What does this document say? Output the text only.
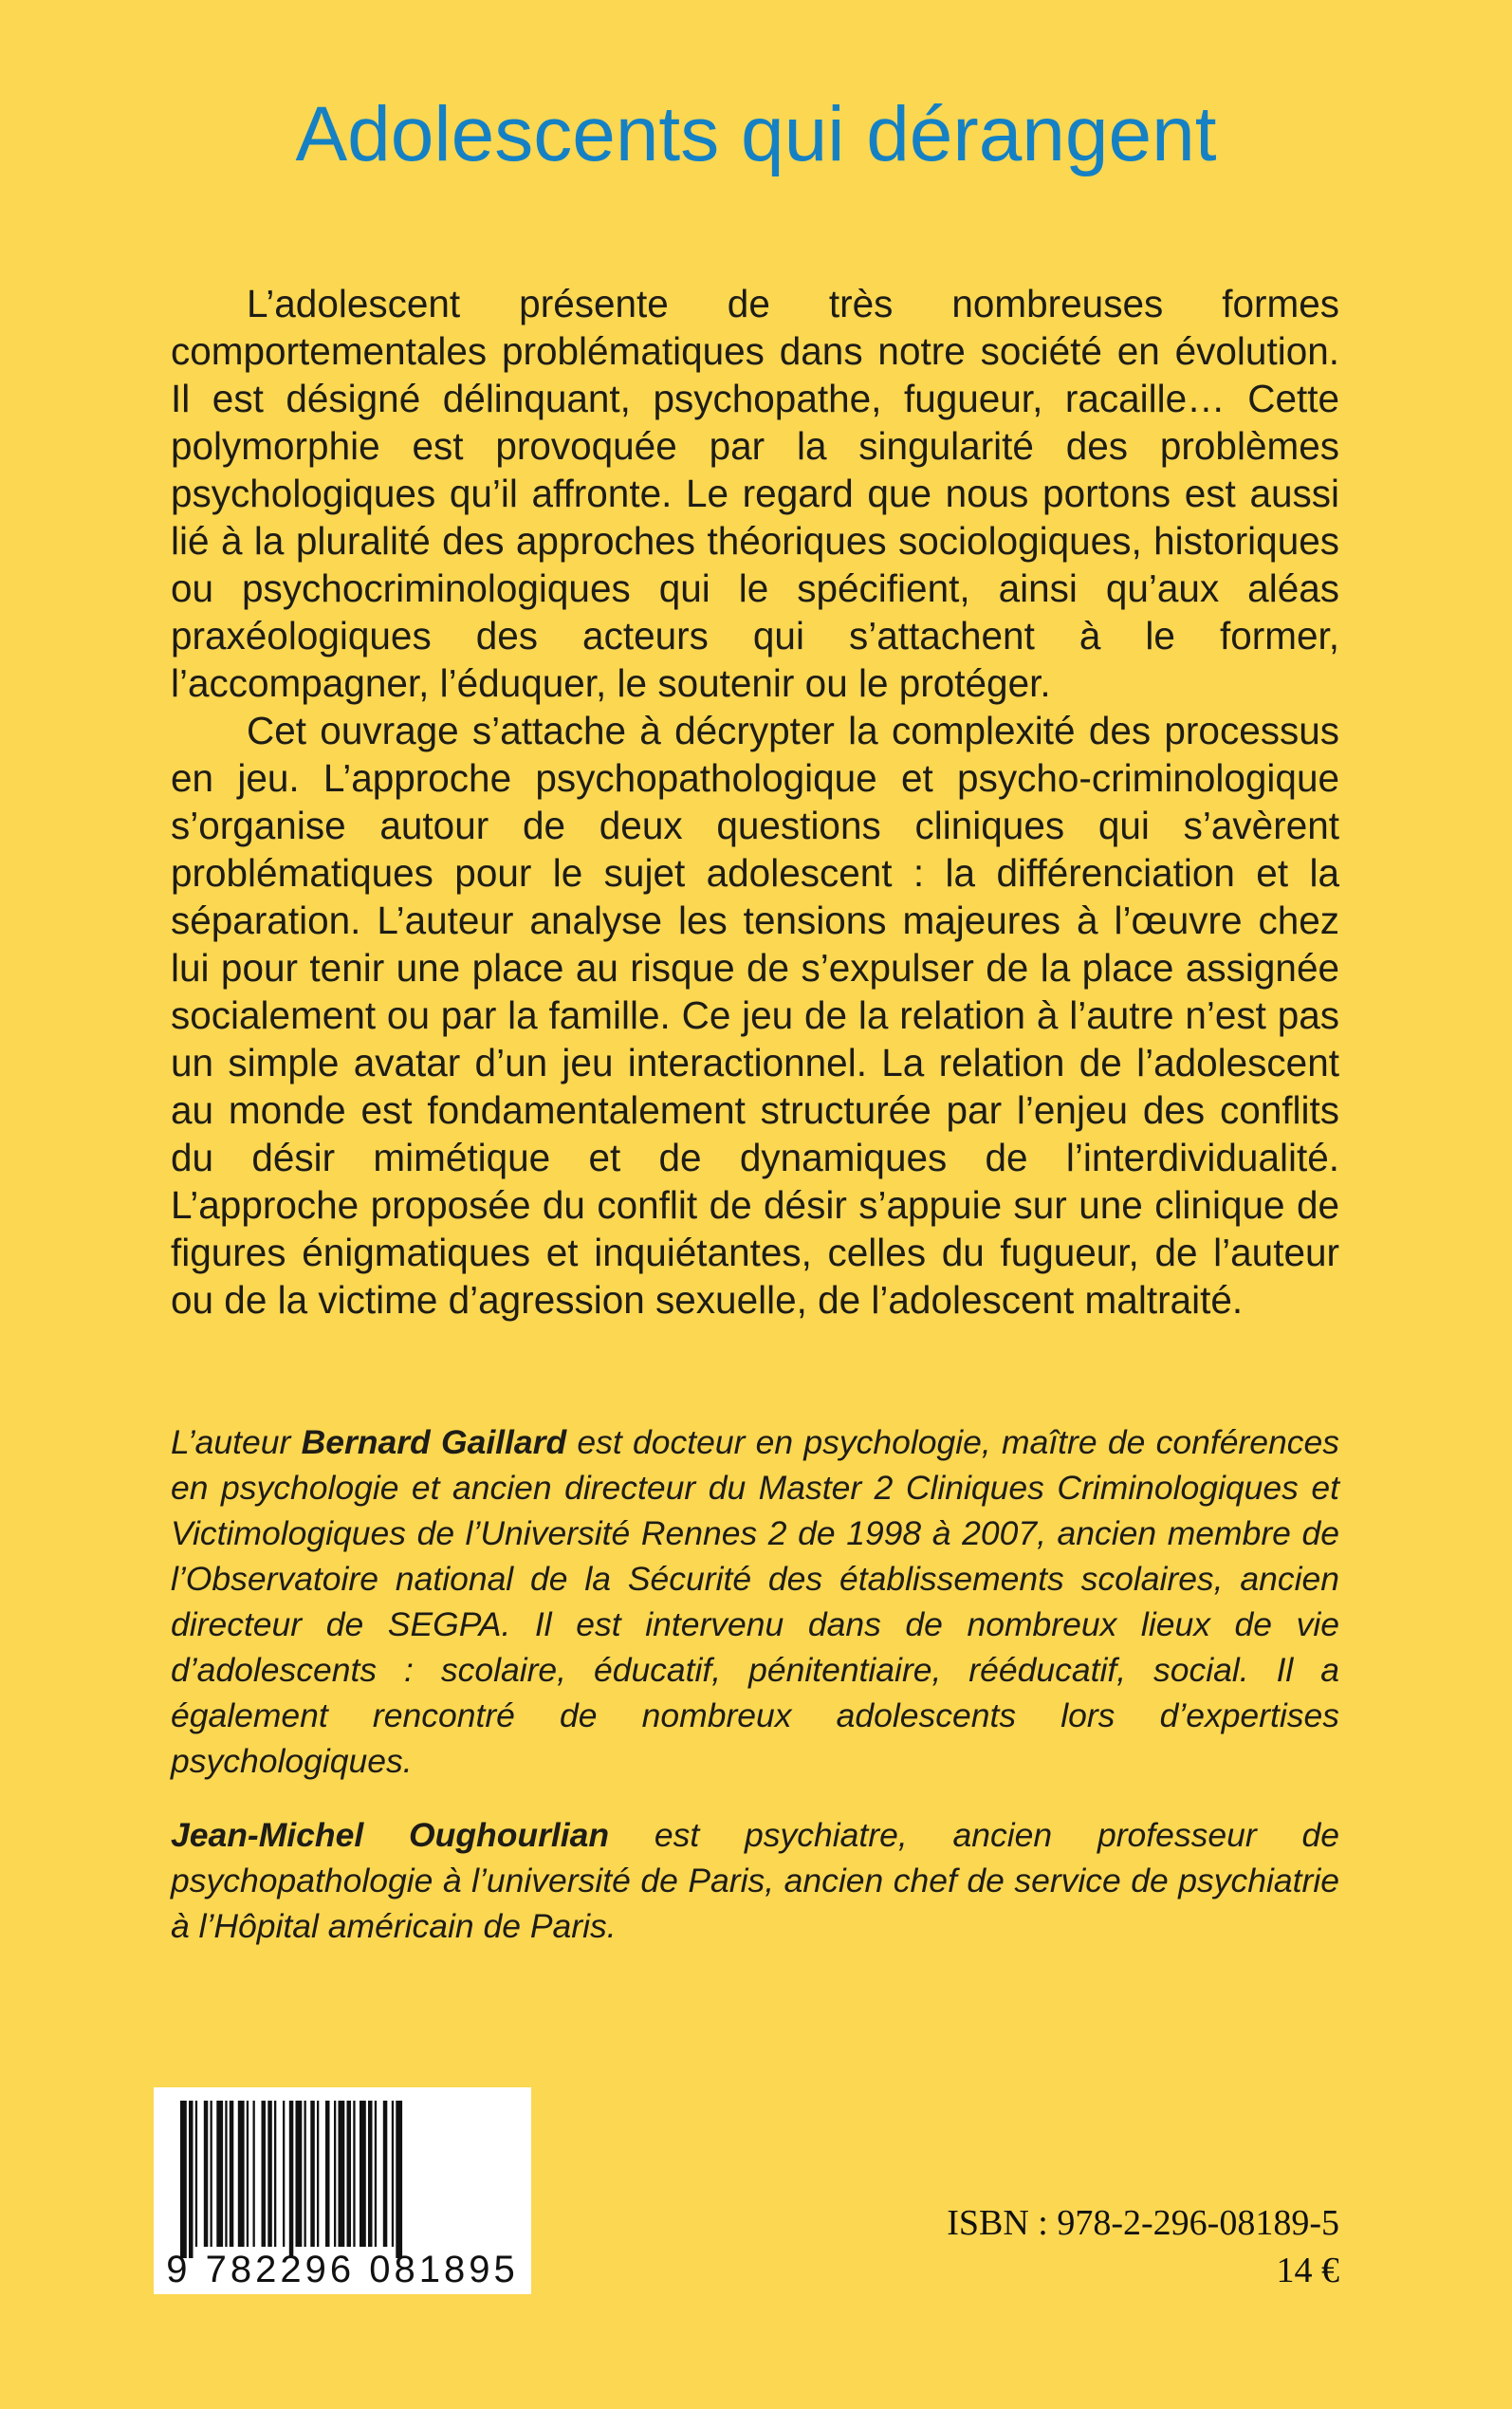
Adolescents qui dérangent

L’adolescent présente de très nombreuses formes comportementales problématiques dans notre société en évolution. Il est désigné délinquant, psychopathe, fugueur, racaille… Cette polymorphie est provoquée par la singularité des problèmes psychologiques qu’il affronte. Le regard que nous portons est aussi lié à la pluralité des approches théoriques sociologiques, historiques ou psychocriminologiques qui le spécifient, ainsi qu’aux aléas praxéologiques des acteurs qui s’attachent à le former, l’accompagner, l’éduquer, le soutenir ou le protéger.

Cet ouvrage s’attache à décrypter la complexité des processus en jeu. L’approche psychopathologique et psycho-criminologique s’organise autour de deux questions cliniques qui s’avèrent problématiques pour le sujet adolescent : la différenciation et la séparation. L’auteur analyse les tensions majeures à l’œuvre chez lui pour tenir une place au risque de s’expulser de la place assignée socialement ou par la famille. Ce jeu de la relation à l’autre n’est pas un simple avatar d’un jeu interactionnel. La relation de l’adolescent au monde est fondamentalement structurée par l’enjeu des conflits du désir mimétique et de dynamiques de l’interdividualité. L’approche proposée du conflit de désir s’appuie sur une clinique de figures énigmatiques et inquiétantes, celles du fugueur, de l’auteur ou de la victime d’agression sexuelle, de l’adolescent maltraité.

L’auteur Bernard Gaillard est docteur en psychologie, maître de conférences en psychologie et ancien directeur du Master 2 Cliniques Criminologiques et Victimologiques de l’Université Rennes 2 de 1998 à 2007, ancien membre de l’Observatoire national de la Sécurité des établissements scolaires, ancien directeur de SEGPA. Il est intervenu dans de nombreux lieux de vie d’adolescents : scolaire, éducatif, pénitentiaire, rééducatif, social. Il a également rencontré de nombreux adolescents lors d’expertises psychologiques.

Jean-Michel Oughourlian est psychiatre, ancien professeur de psychopathologie à l’université de Paris, ancien chef de service de psychiatrie à l’Hôpital américain de Paris.

9 782296 081895
ISBN : 978-2-296-08189-5
14 €
